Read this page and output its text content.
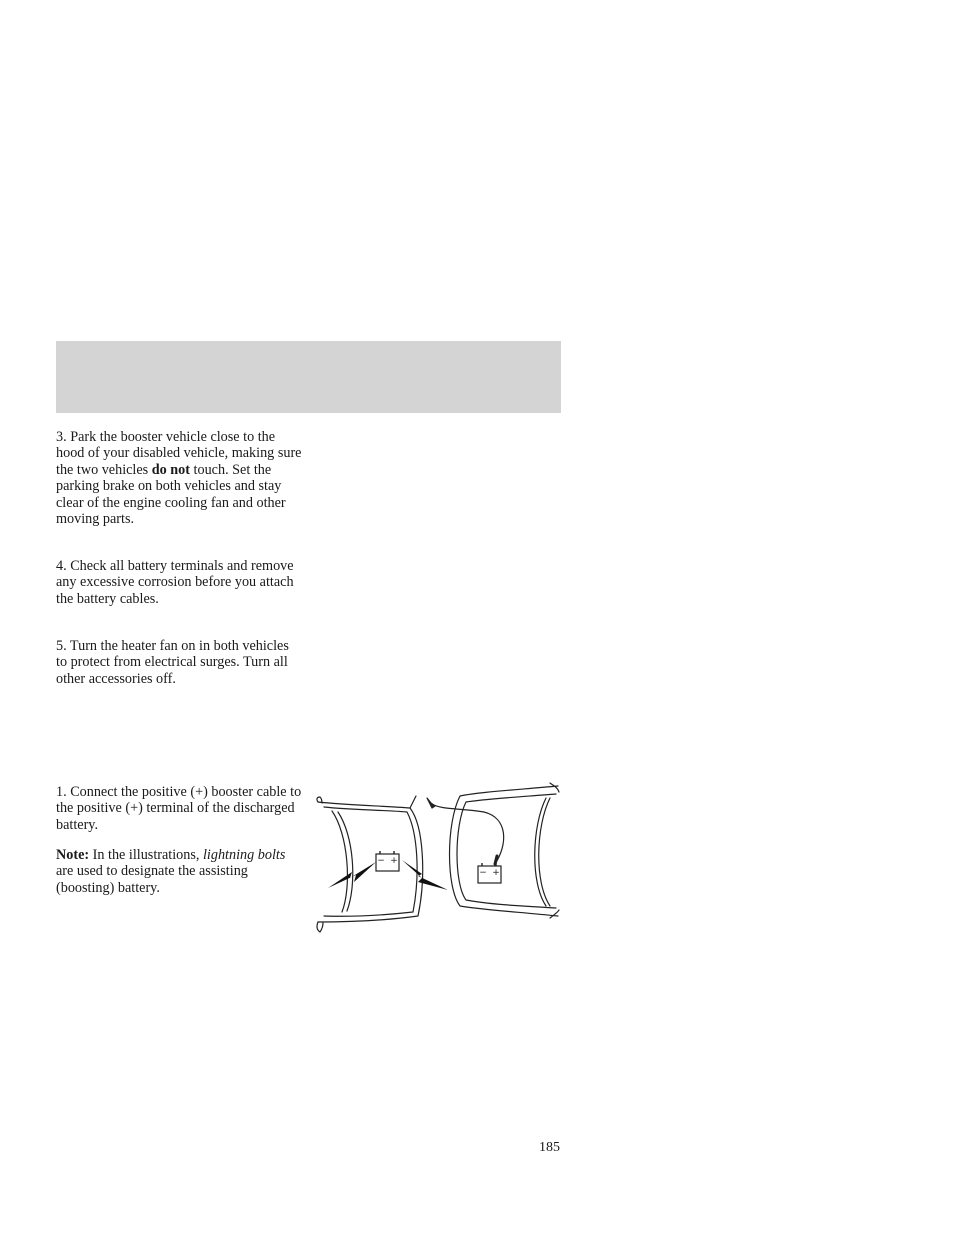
3. Park the booster vehicle close to the hood of your disabled vehicle, making sure the two vehicles do not touch. Set the parking brake on both vehicles and stay clear of the engine cooling fan and other moving parts.

4. Check all battery terminals and remove any excessive corrosion before you attach the battery cables.

5. Turn the heater fan on in both vehicles to protect from electrical surges. Turn all other accessories off.

1. Connect the positive (+) booster cable to the positive (+) terminal of the discharged battery.

Note: In the illustrations, lightning bolts are used to designate the assisting (boosting) battery.

− +
− +
185
